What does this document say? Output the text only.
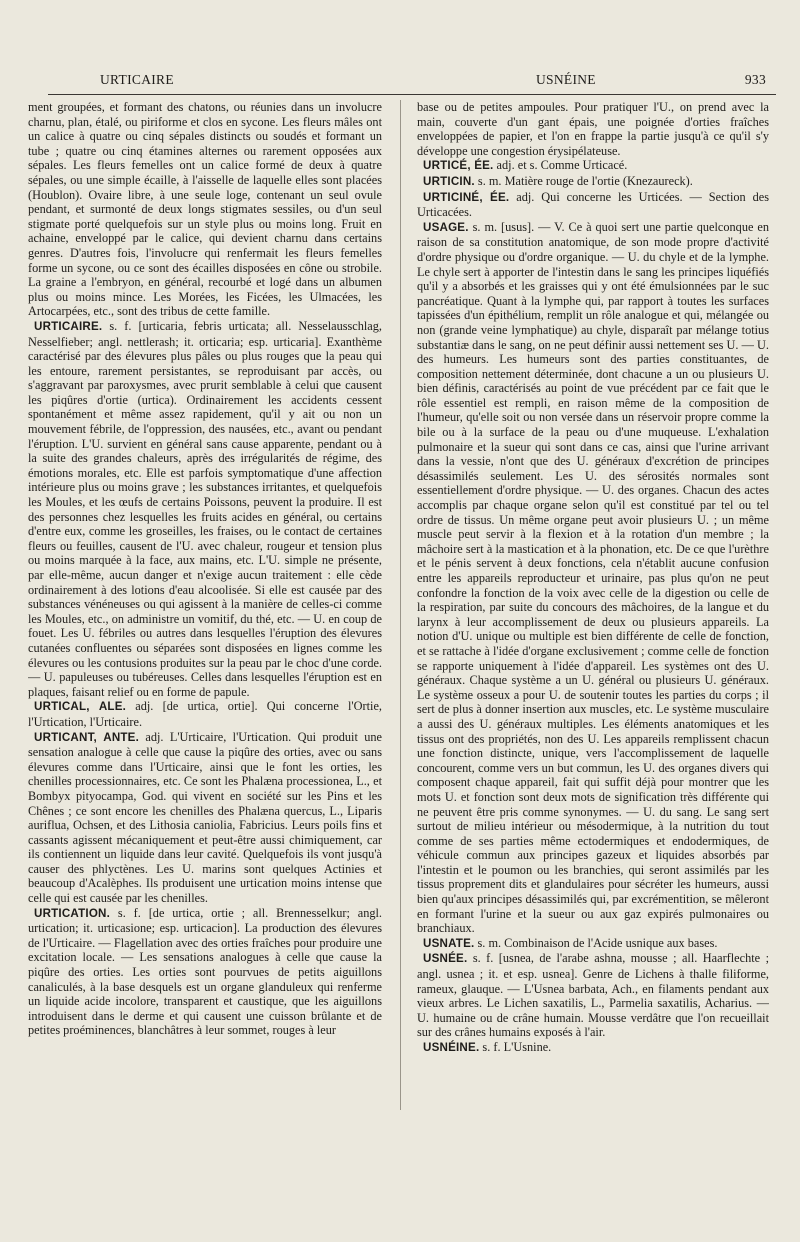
URTICAIRE	USNÉINE	933

ment groupées, et formant des chatons, ou réunies dans un involucre charnu, plan, étalé, ou piriforme et clos en sycone. Les fleurs mâles ont un calice à quatre ou cinq sépales distincts ou soudés et formant un tube ; quatre ou cinq étamines alternes ou rarement opposées aux sépales. Les fleurs femelles ont un calice formé de deux à quatre sépales, ou une simple écaille, à l'aisselle de laquelle elles sont placées (Houblon). Ovaire libre, à une seule loge, contenant un seul ovule pendant, et surmonté de deux longs stigmates sessiles, ou d'un seul stigmate porté quelquefois sur un style plus ou moins long. Fruit en achaine, enveloppé par le calice, qui devient charnu dans certains genres. D'autres fois, l'involucre qui renfermait les fleurs femelles forme un sycone, ou ce sont des écailles disposées en cône ou strobile. La graine a l'embryon, en général, recourbé et logé dans un albumen plus ou moins mince. Les Morées, les Ficées, les Ulmacées, les Artocarpées, etc., sont des tribus de cette famille.

URTICAIRE. s. f. [urticaria, febris urticata; all. Nesselausschlag, Nesselfieber; angl. nettlerash; it. orticaria; esp. urticaria]. Exanthème caractérisé par des élevures plus pâles ou plus rouges que la peau qui les entoure, rarement persistantes, se reproduisant par accès, ou s'aggravant par paroxysmes, avec prurit semblable à celui que causent les piqûres d'ortie (urtica). Ordinairement les accidents cessent spontanément et même assez rapidement, qu'il y ait ou non un mouvement fébrile, de l'oppression, des nausées, etc., avant ou pendant l'éruption. L'U. survient en général sans cause apparente, pendant ou à la suite des grandes chaleurs, après des irrégularités de régime, des émotions morales, etc. Elle est parfois symptomatique d'une affection intérieure plus ou moins grave ; les substances irritantes, et quelquefois les Moules, et les œufs de certains Poissons, peuvent la produire. Il est des personnes chez lesquelles les fruits acides en général, ou certains d'entre eux, comme les groseilles, les fraises, ou le contact de certaines fleurs ou feuilles, causent de l'U. avec chaleur, rougeur et tension plus ou moins marquée à la face, aux mains, etc. L'U. simple ne présente, par elle-même, aucun danger et n'exige aucun traitement : elle cède ordinairement à des lotions d'eau alcoolisée. Si elle est causée par des substances vénéneuses ou qui agissent à la manière de celles-ci comme les Moules, etc., on administre un vomitif, du thé, etc. — U. en coup de fouet. Les U. fébriles ou autres dans lesquelles l'éruption des élevures cutanées confluentes ou séparées sont disposées en lignes comme les élevures ou les contusions produites sur la peau par le choc d'une corde. — U. papuleuses ou tubéreuses. Celles dans lesquelles l'éruption est en plaques, faisant relief ou en forme de papule.

URTICAL, ALE. adj. [de urtica, ortie]. Qui concerne l'Ortie, l'Urtication, l'Urticaire.

URTICANT, ANTE. adj. L'Urticaire, l'Urtication. Qui produit une sensation analogue à celle que cause la piqûre des orties, avec ou sans élevures comme dans l'Urticaire, ainsi que le font les orties, les chenilles processionnaires, etc. Ce sont les Phalæna processionea, L., et Bombyx pityocampa, God. qui vivent en société sur les Pins et les Chênes ; ce sont encore les chenilles des Phalæna quercus, L., Liparis auriflua, Ochsen, et des Lithosia caniolia, Fabricius. Leurs poils fins et cassants agissent mécaniquement et peut-être aussi chimiquement, car ils contiennent un liquide dans leur cavité. Quelquefois ils vont jusqu'à causer des phlyctènes. Les U. marins sont quelques Actinies et beaucoup d'Acalèphes. Ils produisent une urtication moins intense que celle qui est causée par les chenilles.

URTICATION. s. f. [de urtica, ortie ; all. Brennesselkur; angl. urtication; it. urticasione; esp. urticacion]. La production des élevures de l'Urticaire. — Flagellation avec des orties fraîches pour produire une excitation locale. — Les sensations analogues à celle que cause la piqûre des orties. Les orties sont pourvues de petits aiguillons canaliculés, à la base desquels est un organe glanduleux qui renferme un liquide acide incolore, transparent et caustique, que les aiguillons introduisent dans le derme et qui causent une cuisson brûlante et de petites proéminences, blanchâtres à leur sommet, rouges à leur

base ou de petites ampoules. Pour pratiquer l'U., on prend avec la main, couverte d'un gant épais, une poignée d'orties fraîches enveloppées de papier, et l'on en frappe la partie jusqu'à ce qu'il s'y développe une congestion érysipélateuse.

URTICÉ, ÉE. adj. et s. Comme Urticacé.

URTICIN. s. m. Matière rouge de l'ortie (Knezaureck).

URTICINÉ, ÉE. adj. Qui concerne les Urticées. — Section des Urticacées.

USAGE. s. m. [usus]. — V. Ce à quoi sert une partie quelconque en raison de sa constitution anatomique, de son mode propre d'activité d'ordre physique ou d'ordre organique. — U. du chyle et de la lymphe. Le chyle sert à apporter de l'intestin dans le sang les principes liquéfiés qu'il y a absorbés et les graisses qui y ont été émulsionnées par le suc pancréatique. Quant à la lymphe qui, par rapport à toutes les surfaces tapissées d'un épithélium, remplit un rôle analogue et qui, mélangée ou non (grande veine lymphatique) au chyle, disparaît par mélange totius substantiæ dans le sang, on ne peut définir aussi nettement ses U. — U. des humeurs. Les humeurs sont des parties constituantes, de composition nettement déterminée, dont chacune a un ou plusieurs U. bien définis, caractérisés au point de vue précédent par ce fait que le rôle essentiel est rempli, en raison même de la composition de l'humeur, qu'elle soit ou non versée dans un réservoir propre comme la bile ou à la surface de la peau ou d'une muqueuse. L'exhalation pulmonaire et la sueur qui sont dans ce cas, ainsi que l'urine arrivant dans la vessie, n'ont que des U. généraux d'excrétion de principes désassimilés seulement. Les U. des sérosités normales sont essentiellement d'ordre physique. — U. des organes. Chacun des actes accomplis par chaque organe selon qu'il est constitué par tel ou tel ordre de tissus. Un même organe peut avoir plusieurs U. ; un même muscle peut servir à la flexion et à la rotation d'un membre ; la mâchoire sert à la mastication et à la phonation, etc. De ce que l'urèthre et le pénis servent à deux fonctions, cela n'établit aucune confusion entre les appareils reproducteur et urinaire, pas plus qu'on ne peut confondre la fonction de la voix avec celle de la digestion ou celle de la respiration, par suite du concours des mâchoires, de la langue et du larynx à leur accomplissement de deux ou plusieurs appareils. La notion d'U. unique ou multiple est bien différente de celle de fonction, et se rattache à l'idée d'organe exclusivement ; comme celle de fonction se rapporte uniquement à l'idée d'appareil. Les systèmes ont des U. généraux. Chaque système a un U. général ou plusieurs U. généraux. Le système osseux a pour U. de soutenir toutes les parties du corps ; il sert de plus à donner insertion aux muscles, etc. Le système musculaire a aussi des U. généraux multiples. Les éléments anatomiques et les tissus ont des propriétés, non des U. Les appareils remplissent chacun une fonction distincte, unique, vers l'accomplissement de laquelle concourent, comme vers un but commun, les U. des organes divers qui composent chaque appareil, fait qui suffit déjà pour montrer que les mots U. et fonction sont deux mots de signification très différente qui ne peuvent être pris comme synonymes. — U. du sang. Le sang sert surtout de milieu intérieur ou mésodermique, à la nutrition du tout comme de ses parties même ectodermiques et endodermiques, de véhicule commun aux principes gazeux et liquides absorbés par l'intestin et le poumon ou les branchies, qui seront assimilés par les tissus proprement dits et glandulaires pour sécréter les humeurs, aussi bien qu'aux principes désassimilés qui, par excrémentition, se mêleront en formant l'urine et la sueur ou aux gaz expirés pulmonaires ou branchiaux.

USNATE. s. m. Combinaison de l'Acide usnique aux bases.

USNÉE. s. f. [usnea, de l'arabe ashna, mousse ; all. Haarflechte ; angl. usnea ; it. et esp. usnea]. Genre de Lichens à thalle filiforme, rameux, glauque. — L'Usnea barbata, Ach., en filaments pendant aux vieux arbres. Le Lichen saxatilis, L., Parmelia saxatilis, Acharius. — U. humaine ou de crâne humain. Mousse verdâtre que l'on recueillait sur des crânes humains exposés à l'air.

USNÉINE. s. f. L'Usnine.
